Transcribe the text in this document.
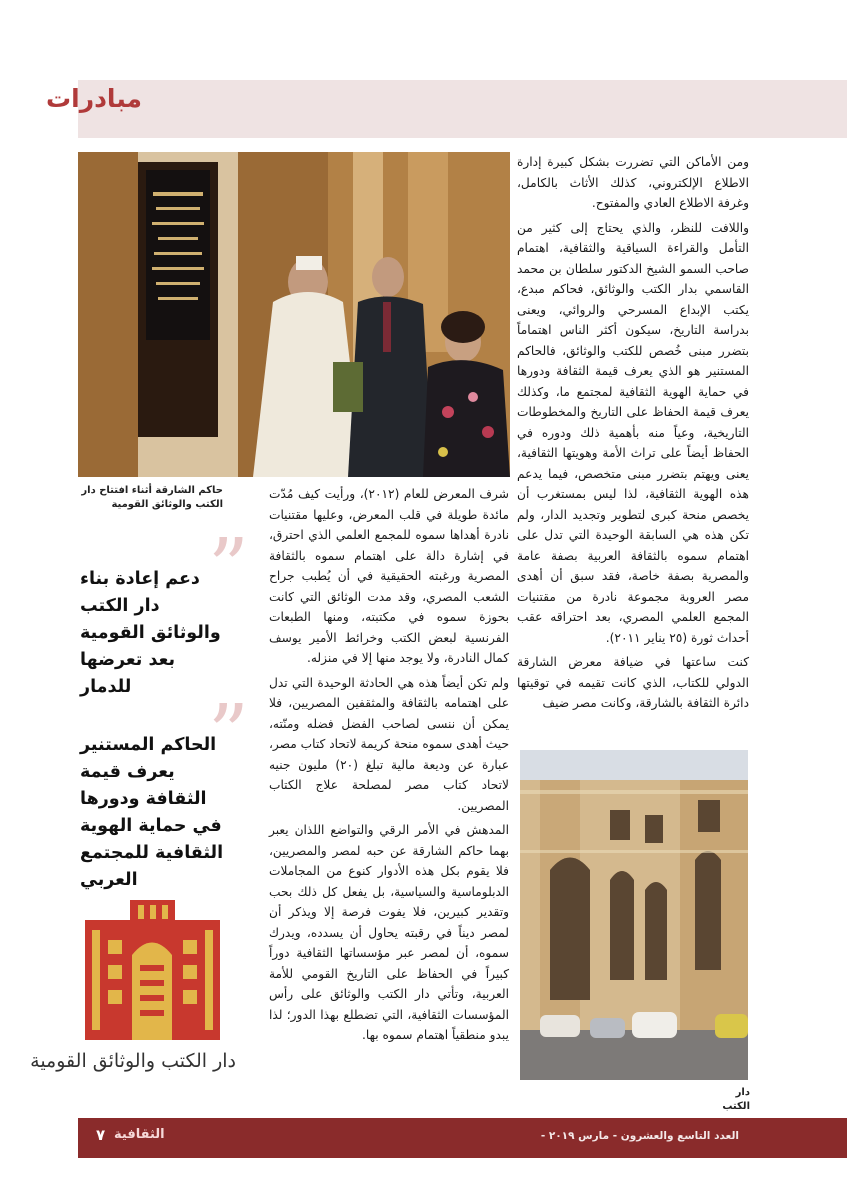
مبادرات
حاكم الشارقة أثناء افتتاح دار الكتب والوثائق القومية

ومن الأماكن التي تضررت بشكل كبيرة إدارة الاطلاع الإلكتروني، كذلك الأثاث بالكامل، وغرفة الاطلاع العادي والمفتوح.

واللافت للنظر، والذي يحتاج إلى كثير من التأمل والقراءة السياقية والثقافية، اهتمام صاحب السمو الشيخ الدكتور سلطان بن محمد القاسمي بدار الكتب والوثائق، فحاكم مبدع، يكتب الإبداع المسرحي والروائي، ويعنى بدراسة التاريخ، سيكون أكثر الناس اهتماماً بتضرر مبنى خُصص للكتب والوثائق، فالحاكم المستنير هو الذي يعرف قيمة الثقافة ودورها في حماية الهوية الثقافية لمجتمع ما، وكذلك يعرف قيمة الحفاظ على التاريخ والمخطوطات التاريخية، وعياً منه بأهمية ذلك ودوره في الحفاظ أيضاً على تراث الأمة وهويتها الثقافية، يعنى ويهتم بتضرر مبنى متخصص، فيما يدعم هذه الهوية الثقافية، لذا ليس بمستغرب أن يخصص منحة كبرى لتطوير وتجديد الدار، ولم تكن هذه هي السابقة الوحيدة التي تدل على اهتمام سموه بالثقافة العربية بصفة عامة والمصرية بصفة خاصة، فقد سبق أن أهدى مصر العروبة مجموعة نادرة من مقتنيات المجمع العلمي المصري، بعد احتراقه عقب أحداث ثورة (٢٥ يناير ٢٠١١).

كنت ساعتها في ضيافة معرض الشارقة الدولي للكتاب، الذي كانت تقيمه في توقيتها دائرة الثقافة بالشارقة، وكانت مصر ضيف

شرف المعرض للعام (٢٠١٢)، ورأيت كيف مُدّت مائدة طويلة في قلب المعرض، وعليها مقتنيات نادرة أهداها سموه للمجمع العلمي الذي احترق، في إشارة دالة على اهتمام سموه بالثقافة المصرية ورغبته الحقيقية في أن يُطبب جراح الشعب المصري، وقد مدت الوثائق التي كانت بحوزة سموه في مكتبته، ومنها الطبعات الفرنسية لبعض الكتب وخرائط الأمير يوسف كمال النادرة، ولا يوجد منها إلا في منزله.

ولم تكن أيضاً هذه هي الحادثة الوحيدة التي تدل على اهتمامه بالثقافة والمثقفين المصريين، فلا يمكن أن ننسى لصاحب الفضل فضله ومنّته، حيث أهدى سموه منحة كريمة لاتحاد كتاب مصر، عبارة عن وديعة مالية تبلغ (٢٠) مليون جنيه لاتحاد كتاب مصر لمصلحة علاج الكتاب المصريين.

المدهش في الأمر الرقي والتواضع اللذان يعبر بهما حاكم الشارقة عن حبه لمصر والمصريين، فلا يقوم بكل هذه الأدوار كنوع من المجاملات الدبلوماسية والسياسية، بل يفعل كل ذلك بحب وتقدير كبيرين، فلا يفوت فرصة إلا ويذكر أن لمصر ديناً في رقبته يحاول أن يسدده، ويدرك سموه، أن لمصر عبر مؤسساتها الثقافية دوراً كبيراً في الحفاظ على التاريخ القومي للأمة العربية، وتأتي دار الكتب والوثائق على رأس المؤسسات الثقافية، التي تضطلع بهذا الدور؛ لذا يبدو منطقياً اهتمام سموه بها.

”
دعم إعادة بناء دار الكتب والوثائق القومية بعد تعرضها للدمار ”
الحاكم المستنير يعرف قيمة الثقافة ودورها في حماية الهوية الثقافية للمجتمع العربي
دار الكتب والوثائق القومية
دار الكتب
العدد التاسع والعشرون - مارس ٢٠١٩ -
الثقافية
٧
